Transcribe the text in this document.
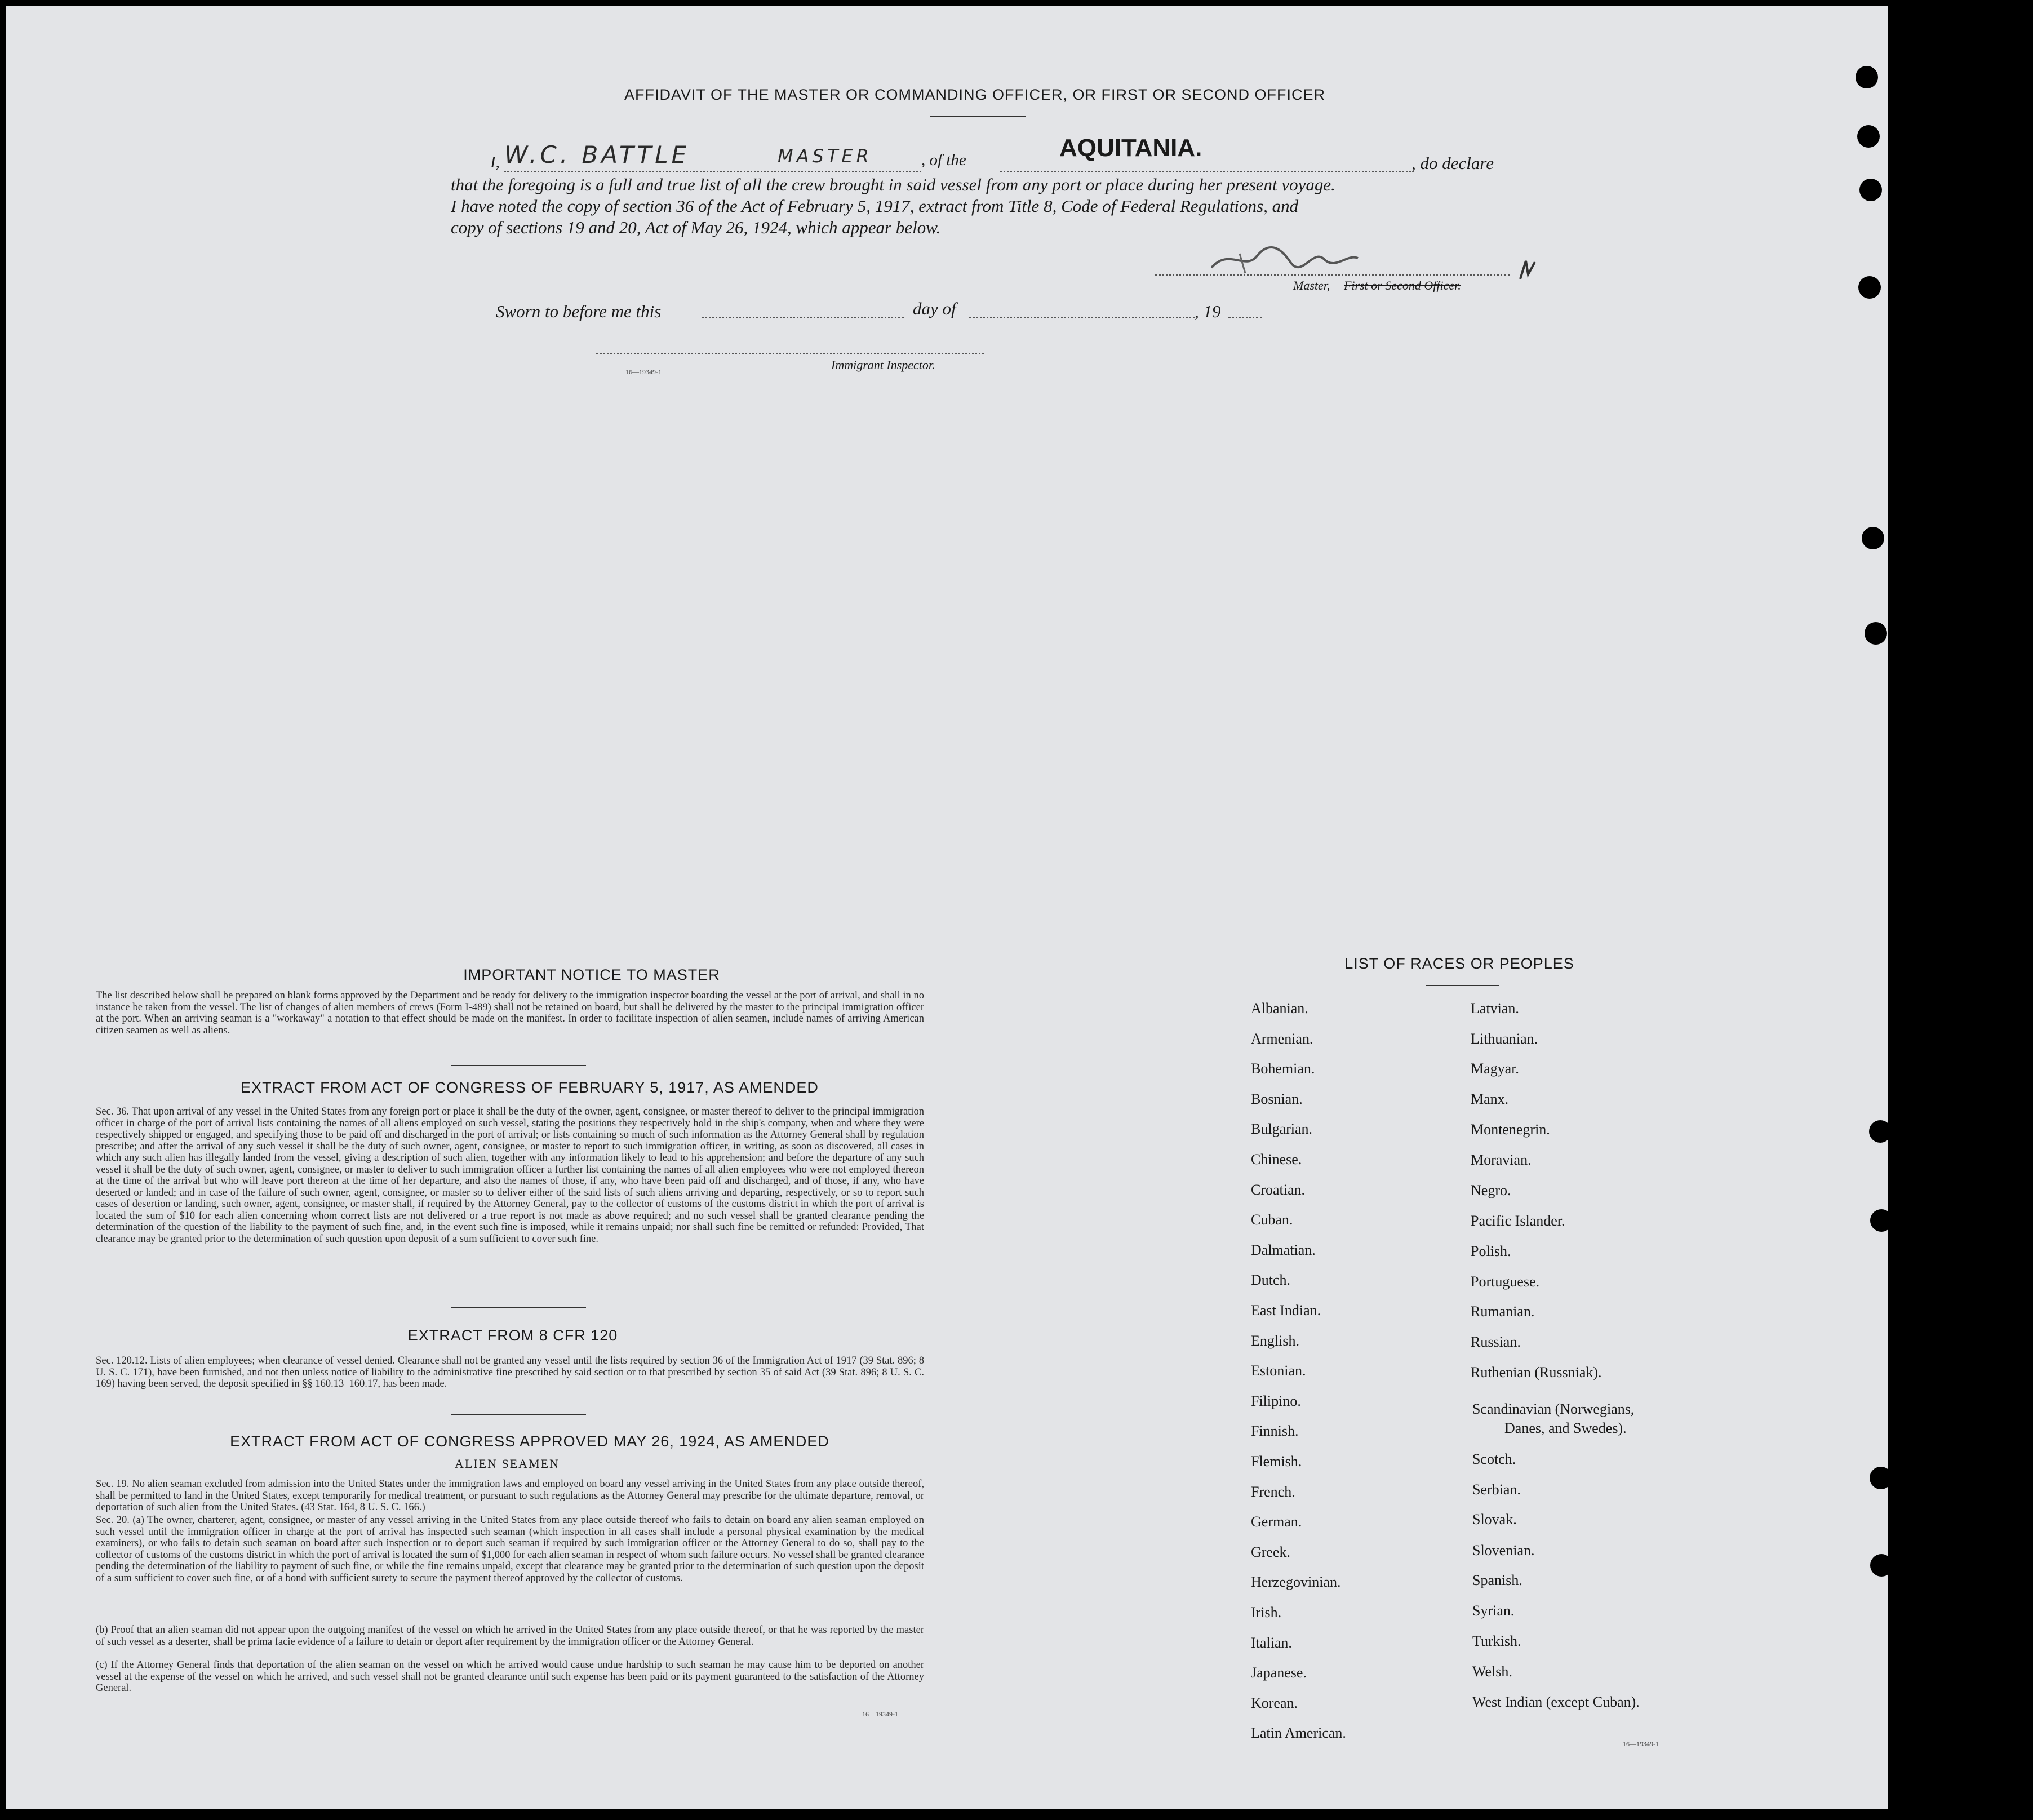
AFFIDAVIT OF THE MASTER OR COMMANDING OFFICER, OR FIRST OR SECOND OFFICER
I, W.C. BATTLE	MASTER	, of the	AQUITANIA.
, do declare
that the foregoing is a full and true list of all the crew brought in said vessel from any port or place during her present voyage.
I have noted the copy of section 36 of the Act of February 5, 1917, extract from Title 8, Code of Federal Regulations, and
copy of sections 19 and 20, Act of May 26, 1924, which appear below.
Master, First or Second Officer.
Sworn to before me this	day of	, 19
16—19349-1	Immigrant Inspector.
IMPORTANT NOTICE TO MASTER
The list described below shall be prepared on blank forms approved by the Department and be ready for delivery to the immigration inspector boarding the vessel at the port of arrival, and shall in no instance be taken from the vessel. The list of changes of alien members of crews (Form I-489) shall not be retained on board, but shall be delivered by the master to the principal immigration officer at the port. When an arriving seaman is a "workaway" a notation to that effect should be made on the manifest. In order to facilitate inspection of alien seamen, include names of arriving American citizen seamen as well as aliens.
EXTRACT FROM ACT OF CONGRESS OF FEBRUARY 5, 1917, AS AMENDED
Sec. 36. That upon arrival of any vessel in the United States from any foreign port or place it shall be the duty of the owner, agent, consignee, or master thereof to deliver to the principal immigration officer in charge of the port of arrival lists containing the names of all aliens employed on such vessel, stating the positions they respectively hold in the ship's company, when and where they were respectively shipped or engaged, and specifying those to be paid off and discharged in the port of arrival; or lists containing so much of such information as the Attorney General shall by regulation prescribe; and after the arrival of any such vessel it shall be the duty of such owner, agent, consignee, or master to report to such immigration officer, in writing, as soon as discovered, all cases in which any such alien has illegally landed from the vessel, giving a description of such alien, together with any information likely to lead to his apprehension; and before the departure of any such vessel it shall be the duty of such owner, agent, consignee, or master to deliver to such immigration officer a further list containing the names of all alien employees who were not employed thereon at the time of the arrival but who will leave port thereon at the time of her departure, and also the names of those, if any, who have been paid off and discharged, and of those, if any, who have deserted or landed; and in case of the failure of such owner, agent, consignee, or master so to deliver either of the said lists of such aliens arriving and departing, respectively, or so to report such cases of desertion or landing, such owner, agent, consignee, or master shall, if required by the Attorney General, pay to the collector of customs of the customs district in which the port of arrival is located the sum of $10 for each alien concerning whom correct lists are not delivered or a true report is not made as above required; and no such vessel shall be granted clearance pending the determination of the question of the liability to the payment of such fine, and, in the event such fine is imposed, while it remains unpaid; nor shall such fine be remitted or refunded: Provided, That clearance may be granted prior to the determination of such question upon deposit of a sum sufficient to cover such fine.
EXTRACT FROM 8 CFR 120
Sec. 120.12. Lists of alien employees; when clearance of vessel denied. Clearance shall not be granted any vessel until the lists required by section 36 of the Immigration Act of 1917 (39 Stat. 896; 8 U. S. C. 171), have been furnished, and not then unless notice of liability to the administrative fine prescribed by said section or to that prescribed by section 35 of said Act (39 Stat. 896; 8 U. S. C. 169) having been served, the deposit specified in §§ 160.13–160.17, has been made.
EXTRACT FROM ACT OF CONGRESS APPROVED MAY 26, 1924, AS AMENDED
ALIEN SEAMEN
Sec. 19. No alien seaman excluded from admission into the United States under the immigration laws and employed on board any vessel arriving in the United States from any place outside thereof, shall be permitted to land in the United States, except temporarily for medical treatment, or pursuant to such regulations as the Attorney General may prescribe for the ultimate departure, removal, or deportation of such alien from the United States. (43 Stat. 164, 8 U. S. C. 166.)
Sec. 20. (a) The owner, charterer, agent, consignee, or master of any vessel arriving in the United States from any place outside thereof who fails to detain on board any alien seaman employed on such vessel until the immigration officer in charge at the port of arrival has inspected such seaman (which inspection in all cases shall include a personal physical examination by the medical examiners), or who fails to detain such seaman on board after such inspection or to deport such seaman if required by such immigration officer or the Attorney General to do so, shall pay to the collector of customs of the customs district in which the port of arrival is located the sum of $1,000 for each alien seaman in respect of whom such failure occurs. No vessel shall be granted clearance pending the determination of the liability to payment of such fine, or while the fine remains unpaid, except that clearance may be granted prior to the determination of such question upon the deposit of a sum sufficient to cover such fine, or of a bond with sufficient surety to secure the payment thereof approved by the collector of customs.
(b) Proof that an alien seaman did not appear upon the outgoing manifest of the vessel on which he arrived in the United States from any place outside thereof, or that he was reported by the master of such vessel as a deserter, shall be prima facie evidence of a failure to detain or deport after requirement by the immigration officer or the Attorney General.
(c) If the Attorney General finds that deportation of the alien seaman on the vessel on which he arrived would cause undue hardship to such seaman he may cause him to be deported on another vessel at the expense of the vessel on which he arrived, and such vessel shall not be granted clearance until such expense has been paid or its payment guaranteed to the satisfaction of the Attorney General.
16—19349-1
LIST OF RACES OR PEOPLES
Albanian.
Armenian.
Bohemian.
Bosnian.
Bulgarian.
Chinese.
Croatian.
Cuban.
Dalmatian.
Dutch.
East Indian.
English.
Estonian.
Filipino.
Finnish.
Flemish.
French.
German.
Greek.
Herzegovinian.
Irish.
Italian.
Japanese.
Korean.
Latin American.
Latvian.
Lithuanian.
Magyar.
Manx.
Montenegrin.
Moravian.
Negro.
Pacific Islander.
Polish.
Portuguese.
Rumanian.
Russian.
Ruthenian (Russniak).
Scandinavian (Norwegians,
Scotch.
Serbian.
Slovak.
Slovenian.
Spanish.
Syrian.
Turkish.
Welsh.
West Indian (except Cuban).
Danes, and Swedes).
16—19349-1
